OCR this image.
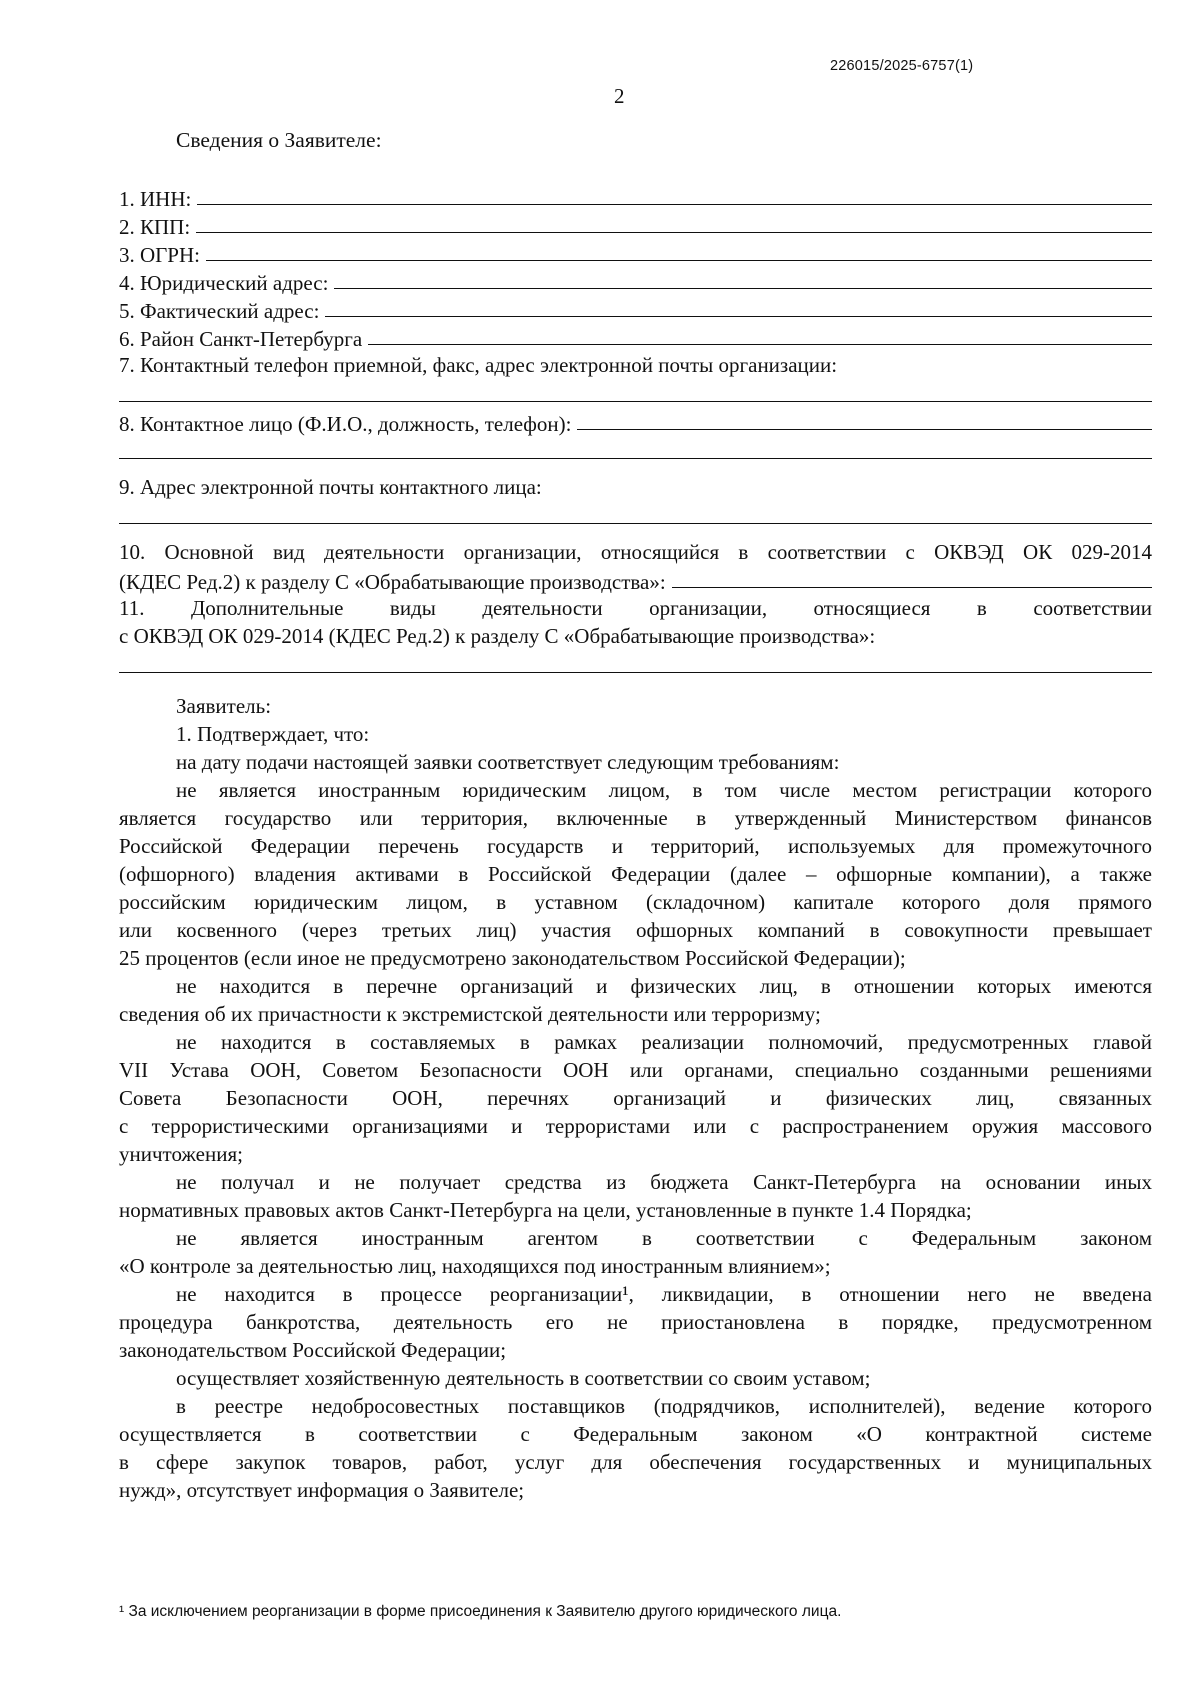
226015/2025-6757(1)
2
Сведения о Заявителе:
1. ИНН:
2. КПП:
3. ОГРН:
4. Юридический адрес:
5. Фактический адрес:
6. Район Санкт-Петербурга
7. Контактный телефон приемной, факс, адрес электронной почты организации:
8. Контактное лицо (Ф.И.О., должность, телефон):
9. Адрес электронной почты контактного лица:
10. Основной вид деятельности организации, относящийся в соответствии с ОКВЭД ОК 029-2014
(КДЕС Ред.2) к разделу С «Обрабатывающие производства»:
11. Дополнительные виды деятельности организации, относящиеся в соответствии
с ОКВЭД ОК 029-2014 (КДЕС Ред.2) к разделу С «Обрабатывающие производства»:
Заявитель:
1. Подтверждает, что:
на дату подачи настоящей заявки соответствует следующим требованиям:
не является иностранным юридическим лицом, в том числе местом регистрации которого
является государство или территория, включенные в утвержденный Министерством финансов
Российской Федерации перечень государств и территорий, используемых для промежуточного
(офшорного) владения активами в Российской Федерации (далее – офшорные компании), а также
российским юридическим лицом, в уставном (складочном) капитале которого доля прямого
или косвенного (через третьих лиц) участия офшорных компаний в совокупности превышает
25 процентов (если иное не предусмотрено законодательством Российской Федерации);
не находится в перечне организаций и физических лиц, в отношении которых имеются
сведения об их причастности к экстремистской деятельности или терроризму;
не находится в составляемых в рамках реализации полномочий, предусмотренных главой
VII Устава ООН, Советом Безопасности ООН или органами, специально созданными решениями
Совета Безопасности ООН, перечнях организаций и физических лиц, связанных
с террористическими организациями и террористами или с распространением оружия массового
уничтожения;
не получал и не получает средства из бюджета Санкт-Петербурга на основании иных
нормативных правовых актов Санкт-Петербурга на цели, установленные в пункте 1.4 Порядка;
не является иностранным агентом в соответствии с Федеральным законом
«О контроле за деятельностью лиц, находящихся под иностранным влиянием»;
не находится в процессе реорганизации¹, ликвидации, в отношении него не введена
процедура банкротства, деятельность его не приостановлена в порядке, предусмотренном
законодательством Российской Федерации;
осуществляет хозяйственную деятельность в соответствии со своим уставом;
в реестре недобросовестных поставщиков (подрядчиков, исполнителей), ведение которого
осуществляется в соответствии с Федеральным законом «О контрактной системе
в сфере закупок товаров, работ, услуг для обеспечения государственных и муниципальных
нужд», отсутствует информация о Заявителе;
¹ За исключением реорганизации в форме присоединения к Заявителю другого юридического лица.
